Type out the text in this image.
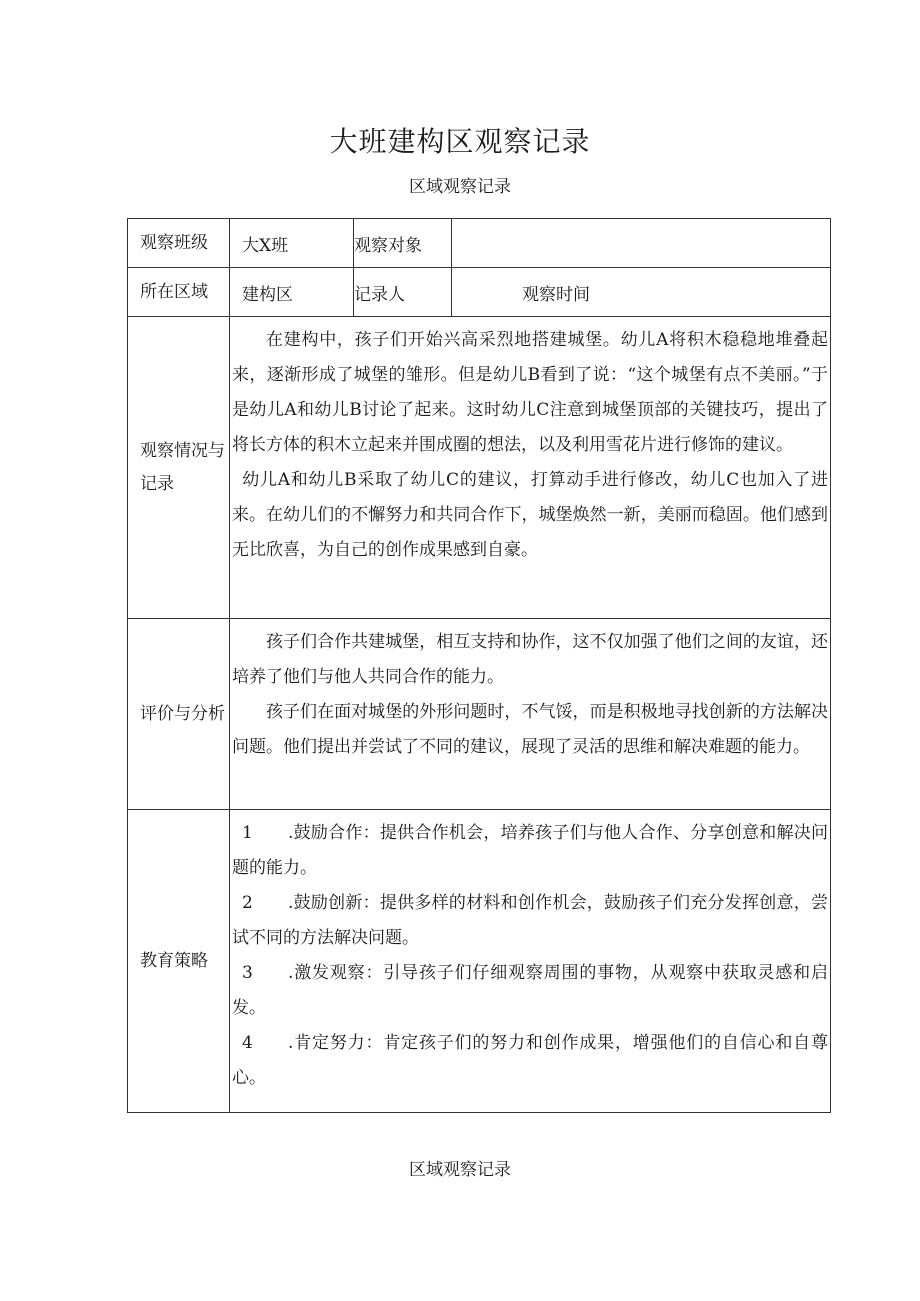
大班建构区观察记录
区域观察记录
观察班级	大X班	观察对象	
所在区域	建构区	记录人	观察时间
观察情况与记录	在建构中，孩子们开始兴高采烈地搭建城堡。幼儿A将积木稳稳地堆叠起来，逐渐形成了城堡的雏形。但是幼儿B看到了说：“这个城堡有点不美丽。”于是幼儿A和幼儿B讨论了起来。这时幼儿C注意到城堡顶部的关键技巧，提出了将长方体的积木立起来并围成圈的想法，以及利用雪花片进行修饰的建议。

幼儿A和幼儿B采取了幼儿C的建议，打算动手进行修改，幼儿C也加入了进来。在幼儿们的不懈努力和共同合作下，城堡焕然一新，美丽而稳固。他们感到无比欣喜，为自己的创作成果感到自豪。		

评价与分析	孩子们合作共建城堡，相互支持和协作，这不仅加强了他们之间的友谊，还培养了他们与他人共同合作的能力。

孩子们在面对城堡的外形问题时，不气馁，而是积极地寻找创新的方法解决问题。他们提出并尝试了不同的建议，展现了灵活的思维和解决难题的能力。		

教育策略	1 .鼓励合作：提供合作机会，培养孩子们与他人合作、分享创意和解决问题的能力。

2 .鼓励创新：提供多样的材料和创作机会，鼓励孩子们充分发挥创意，尝试不同的方法解决问题。

3 .激发观察：引导孩子们仔细观察周围的事物，从观察中获取灵感和启发。

4 .肯定努力：肯定孩子们的努力和创作成果，增强他们的自信心和自尊心。		

区域观察记录
